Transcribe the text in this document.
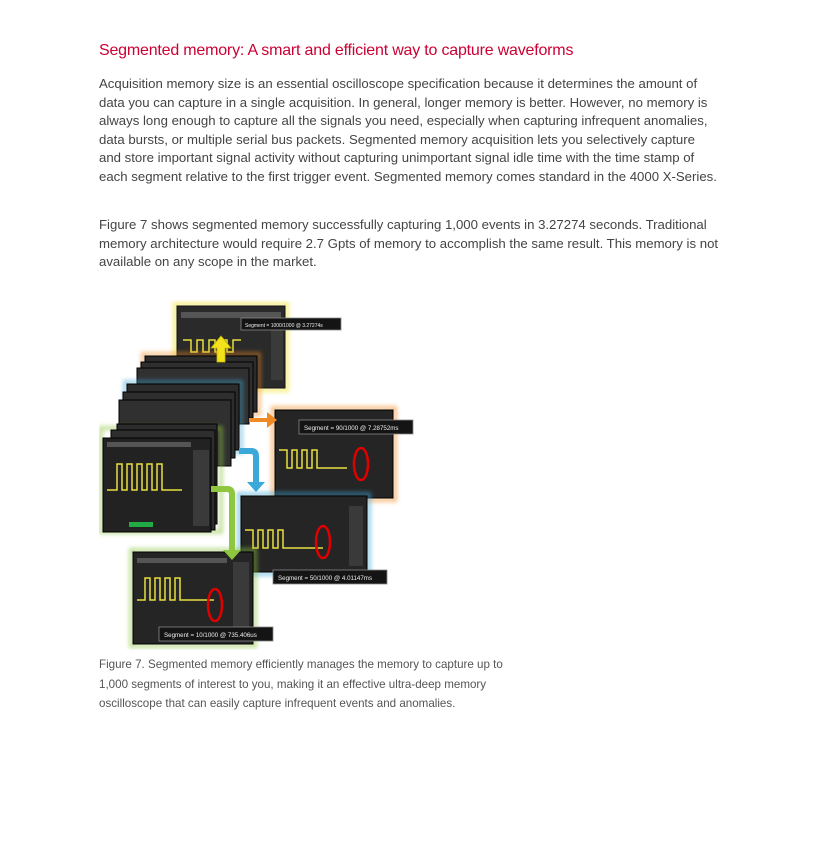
Segmented memory: A smart and efficient way to capture waveforms

Acquisition memory size is an essential oscilloscope specification because it determines the amount of data you can capture in a single acquisition. In general, longer memory is better. However, no memory is always long enough to capture all the signals you need, especially when capturing infrequent anomalies, data bursts, or multiple serial bus packets. Segmented memory acquisition lets you selectively capture and store important signal activity without capturing unimportant signal idle time with the time stamp of each segment relative to the first trigger event. Segmented memory comes standard in the 4000 X-Series.

Figure 7 shows segmented memory successfully capturing 1,000 events in 3.27274 seconds. Traditional memory architecture would require 2.7 Gpts of memory to accomplish the same result. This memory is not available on any scope in the market.

Segment = 1000/1000 @ 3.27274s
Segment = 90/1000 @ 7.28752ms
Segment = 50/1000 @ 4.01147ms
Segment = 10/1000 @ 735.406us

Figure 7. Segmented memory efficiently manages the memory to capture up to 1,000 segments of interest to you, making it an effective ultra-deep memory oscilloscope that can easily capture infrequent events and anomalies.
